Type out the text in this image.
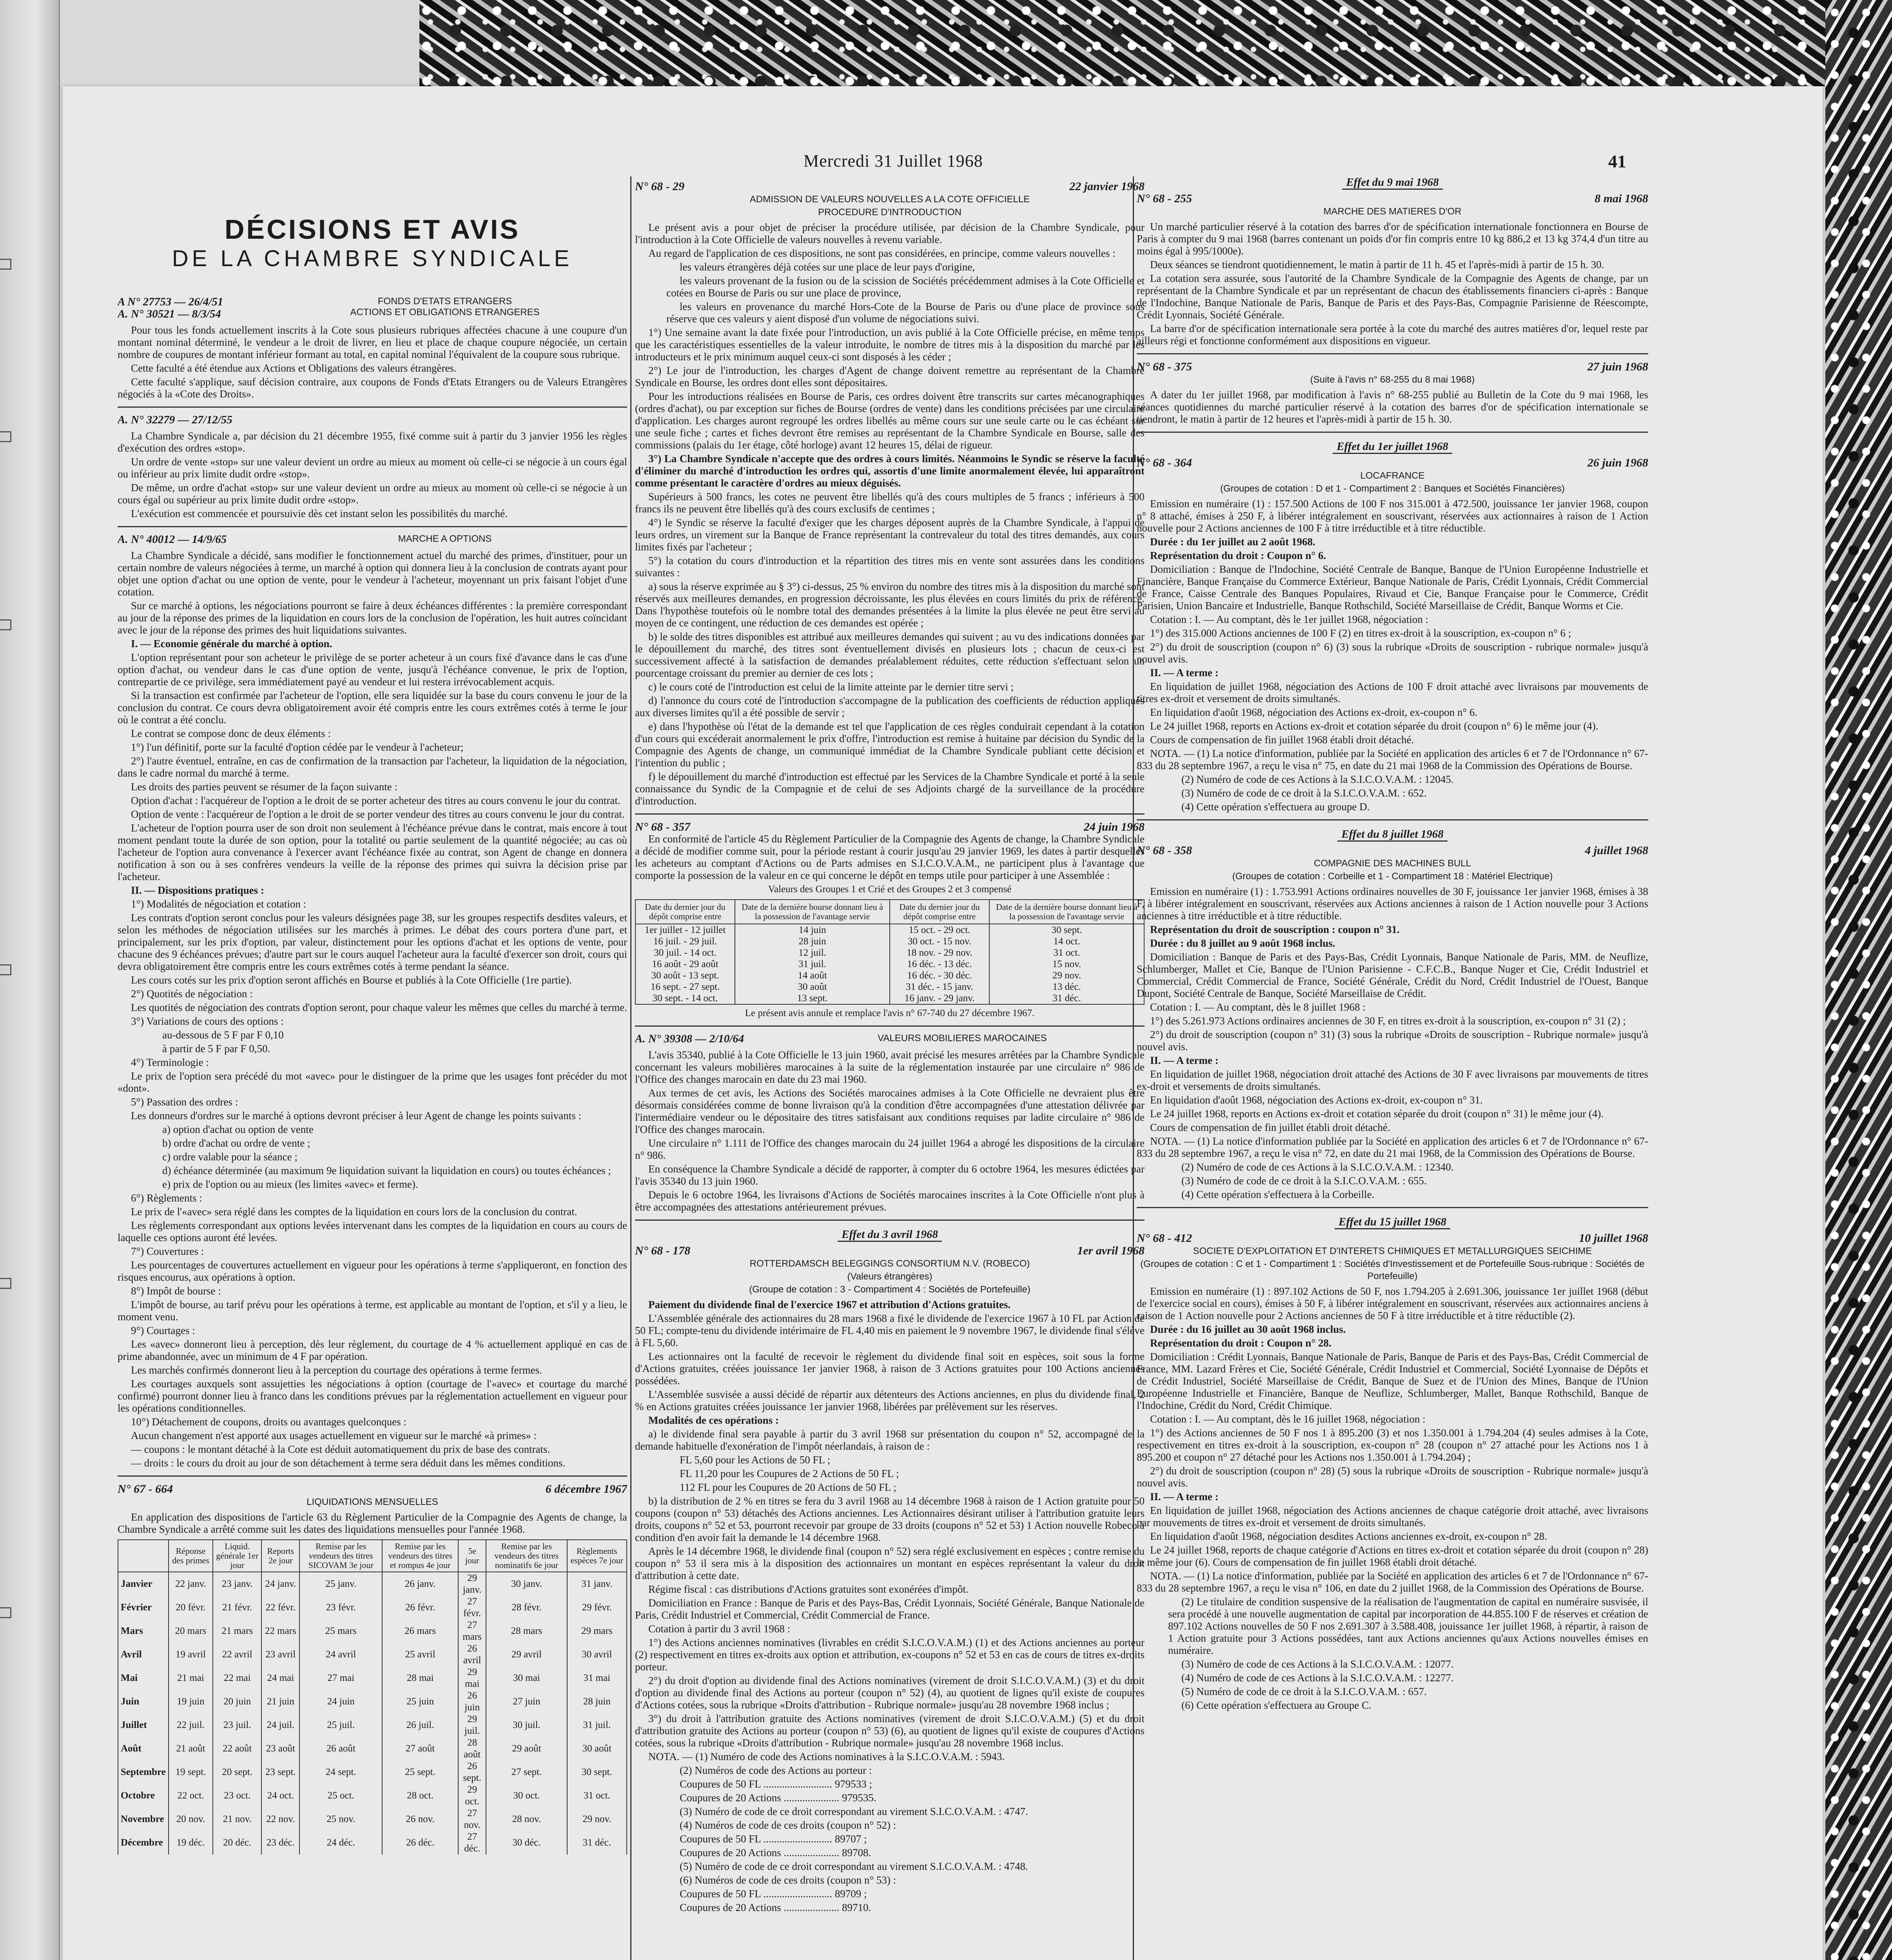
Mercredi 31 Juillet 1968	41
DÉCISIONS ET AVIS
DE LA CHAMBRE SYNDICALE
A N° 27753 — 26/4/51
A. N° 30521 — 8/3/54
FONDS D'ETATS ETRANGERS
ACTIONS ET OBLIGATIONS ETRANGERES

Pour tous les fonds actuellement inscrits à la Cote sous plusieurs rubriques affectées chacune à une coupure d'un montant nominal déterminé, le vendeur a le droit de livrer, en lieu et place de chaque coupure négociée, un certain nombre de coupures de montant inférieur formant au total, en capital nominal l'équivalent de la coupure sous rubrique.

Cette faculté a été étendue aux Actions et Obligations des valeurs étrangères.

Cette faculté s'applique, sauf décision contraire, aux coupons de Fonds d'Etats Etrangers ou de Valeurs Etrangères négociés à la «Cote des Droits».

A. N° 32279 — 27/12/55

La Chambre Syndicale a, par décision du 21 décembre 1955, fixé comme suit à partir du 3 janvier 1956 les règles d'exécution des ordres «stop».

Un ordre de vente «stop» sur une valeur devient un ordre au mieux au moment où celle-ci se négocie à un cours égal ou inférieur au prix limite dudit ordre «stop».

De même, un ordre d'achat «stop» sur une valeur devient un ordre au mieux au moment où celle-ci se négocie à un cours égal ou supérieur au prix limite dudit ordre «stop».

L'exécution est commencée et poursuivie dès cet instant selon les possibilités du marché.

A. N° 40012 — 14/9/65	MARCHE A OPTIONS

La Chambre Syndicale a décidé, sans modifier le fonctionnement actuel du marché des primes, d'instituer, pour un certain nombre de valeurs négociées à terme, un marché à option qui donnera lieu à la conclusion de contrats ayant pour objet une option d'achat ou une option de vente, pour le vendeur à l'acheteur, moyennant un prix faisant l'objet d'une cotation.

Sur ce marché à options, les négociations pourront se faire à deux échéances différentes : la première correspondant au jour de la réponse des primes de la liquidation en cours lors de la conclusion de l'opération, les huit autres coïncidant avec le jour de la réponse des primes des huit liquidations suivantes.

I. — Economie générale du marché à option.

L'option représentant pour son acheteur le privilège de se porter acheteur à un cours fixé d'avance dans le cas d'une option d'achat, ou vendeur dans le cas d'une option de vente, jusqu'à l'échéance convenue, le prix de l'option, contrepartie de ce privilège, sera immédiatement payé au vendeur et lui restera irrévocablement acquis.

Si la transaction est confirmée par l'acheteur de l'option, elle sera liquidée sur la base du cours convenu le jour de la conclusion du contrat. Ce cours devra obligatoirement avoir été compris entre les cours extrêmes cotés à terme le jour où le contrat a été conclu.

Le contrat se compose donc de deux éléments :

1°) l'un définitif, porte sur la faculté d'option cédée par le vendeur à l'acheteur;

2°) l'autre éventuel, entraîne, en cas de confirmation de la transaction par l'acheteur, la liquidation de la négociation, dans le cadre normal du marché à terme.

Les droits des parties peuvent se résumer de la façon suivante :

Option d'achat : l'acquéreur de l'option a le droit de se porter acheteur des titres au cours convenu le jour du contrat.

Option de vente : l'acquéreur de l'option a le droit de se porter vendeur des titres au cours convenu le jour du contrat.

L'acheteur de l'option pourra user de son droit non seulement à l'échéance prévue dans le contrat, mais encore à tout moment pendant toute la durée de son option, pour la totalité ou partie seulement de la quantité négociée; au cas où l'acheteur de l'option aura convenance à l'exercer avant l'échéance fixée au contrat, son Agent de change en donnera notification à son ou à ses confrères vendeurs la veille de la réponse des primes qui suivra la décision prise par l'acheteur.

II. — Dispositions pratiques :

1°) Modalités de négociation et cotation :

Les contrats d'option seront conclus pour les valeurs désignées page 38, sur les groupes respectifs desdites valeurs, et selon les méthodes de négociation utilisées sur les marchés à primes. Le débat des cours portera d'une part, et principalement, sur les prix d'option, par valeur, distinctement pour les options d'achat et les options de vente, pour chacune des 9 échéances prévues; d'autre part sur le cours auquel l'acheteur aura la faculté d'exercer son droit, cours qui devra obligatoirement être compris entre les cours extrêmes cotés à terme pendant la séance.

Les cours cotés sur les prix d'option seront affichés en Bourse et publiés à la Cote Officielle (1re partie).

2°) Quotités de négociation :

Les quotités de négociation des contrats d'option seront, pour chaque valeur les mêmes que celles du marché à terme.

3°) Variations de cours des options :

au-dessous de 5 F par F 0,10

à partir de 5 F par F 0,50.

4°) Terminologie :

Le prix de l'option sera précédé du mot «avec» pour le distinguer de la prime que les usages font précéder du mot «dont».

5°) Passation des ordres :

Les donneurs d'ordres sur le marché à options devront préciser à leur Agent de change les points suivants :

a) option d'achat ou option de vente

b) ordre d'achat ou ordre de vente ;

c) ordre valable pour la séance ;

d) échéance déterminée (au maximum 9e liquidation suivant la liquidation en cours) ou toutes échéances ;

e) prix de l'option ou au mieux (les limites «avec» et ferme).

6°) Règlements :

Le prix de l'«avec» sera réglé dans les comptes de la liquidation en cours lors de la conclusion du contrat.

Les règlements correspondant aux options levées intervenant dans les comptes de la liquidation en cours au cours de laquelle ces options auront été levées.

7°) Couvertures :

Les pourcentages de couvertures actuellement en vigueur pour les opérations à terme s'appliqueront, en fonction des risques encourus, aux opérations à option.

8°) Impôt de bourse :

L'impôt de bourse, au tarif prévu pour les opérations à terme, est applicable au montant de l'option, et s'il y a lieu, le moment venu.

9°) Courtages :

Les «avec» donneront lieu à perception, dès leur règlement, du courtage de 4 % actuellement appliqué en cas de prime abandonnée, avec un minimum de 4 F par opération.

Les marchés confirmés donneront lieu à la perception du courtage des opérations à terme fermes.

Les courtages auxquels sont assujetties les négociations à option (courtage de l'«avec» et courtage du marché confirmé) pourront donner lieu à franco dans les conditions prévues par la réglementation actuellement en vigueur pour les opérations conditionnelles.

10°) Détachement de coupons, droits ou avantages quelconques :

Aucun changement n'est apporté aux usages actuellement en vigueur sur le marché «à primes» :

— coupons : le montant détaché à la Cote est déduit automatiquement du prix de base des contrats.

— droits : le cours du droit au jour de son détachement à terme sera déduit dans les mêmes conditions.

N° 67 - 664	6 décembre 1967
LIQUIDATIONS MENSUELLES

En application des dispositions de l'article 63 du Règlement Particulier de la Compagnie des Agents de change, la Chambre Syndicale a arrêté comme suit les dates des liquidations mensuelles pour l'année 1968.

	Réponse des primes	Liquid. générale 1er jour	Reports 2e jour	Remise par les vendeurs des titres SICOVAM 3e jour	Remise par les vendeurs des titres et rompus 4e jour	5e jour	Remise par les vendeurs des titres nominatifs 6e jour	Règlements espèces 7e jour
Janvier	22 janv.	23 janv.	24 janv.	25 janv.	26 janv.	29 janv.	30 janv.	31 janv.
Février	20 févr.	21 févr.	22 févr.	23 févr.	26 févr.	27 févr.	28 févr.	29 févr.
Mars	20 mars	21 mars	22 mars	25 mars	26 mars	27 mars	28 mars	29 mars
Avril	19 avril	22 avril	23 avril	24 avril	25 avril	26 avril	29 avril	30 avril
Mai	21 mai	22 mai	24 mai	27 mai	28 mai	29 mai	30 mai	31 mai
Juin	19 juin	20 juin	21 juin	24 juin	25 juin	26 juin	27 juin	28 juin
Juillet	22 juil.	23 juil.	24 juil.	25 juil.	26 juil.	29 juil.	30 juil.	31 juil.
Août	21 août	22 août	23 août	26 août	27 août	28 août	29 août	30 août
Septembre	19 sept.	20 sept.	23 sept.	24 sept.	25 sept.	26 sept.	27 sept.	30 sept.
Octobre	22 oct.	23 oct.	24 oct.	25 oct.	28 oct.	29 oct.	30 oct.	31 oct.
Novembre	20 nov.	21 nov.	22 nov.	25 nov.	26 nov.	27 nov.	28 nov.	29 nov.
Décembre	19 déc.	20 déc.	23 déc.	24 déc.	26 déc.	27 déc.	30 déc.	31 déc.
N° 68 - 29	22 janvier 1968
ADMISSION DE VALEURS NOUVELLES A LA COTE OFFICIELLE
PROCEDURE D'INTRODUCTION

Le présent avis a pour objet de préciser la procédure utilisée, par décision de la Chambre Syndicale, pour l'introduction à la Cote Officielle de valeurs nouvelles à revenu variable.

Au regard de l'application de ces dispositions, ne sont pas considérées, en principe, comme valeurs nouvelles :

les valeurs étrangères déjà cotées sur une place de leur pays d'origine,

les valeurs provenant de la fusion ou de la scission de Sociétés précédemment admises à la Cote Officielle et cotées en Bourse de Paris ou sur une place de province,

les valeurs en provenance du marché Hors-Cote de la Bourse de Paris ou d'une place de province sous réserve que ces valeurs y aient disposé d'un volume de négociations suivi.

1°) Une semaine avant la date fixée pour l'introduction, un avis publié à la Cote Officielle précise, en même temps que les caractéristiques essentielles de la valeur introduite, le nombre de titres mis à la disposition du marché par les introducteurs et le prix minimum auquel ceux-ci sont disposés à les céder ;

2°) Le jour de l'introduction, les charges d'Agent de change doivent remettre au représentant de la Chambre Syndicale en Bourse, les ordres dont elles sont dépositaires.

Pour les introductions réalisées en Bourse de Paris, ces ordres doivent être transcrits sur cartes mécanographiques (ordres d'achat), ou par exception sur fiches de Bourse (ordres de vente) dans les conditions précisées par une circulaire d'application. Les charges auront regroupé les ordres libellés au même cours sur une seule carte ou le cas échéant sur une seule fiche ; cartes et fiches devront être remises au représentant de la Chambre Syndicale en Bourse, salle des commissions (palais du 1er étage, côté horloge) avant 12 heures 15, délai de rigueur.

3°) La Chambre Syndicale n'accepte que des ordres à cours limités. Néanmoins le Syndic se réserve la faculté d'éliminer du marché d'introduction les ordres qui, assortis d'une limite anormalement élevée, lui apparaîtront comme présentant le caractère d'ordres au mieux déguisés.

Supérieurs à 500 francs, les cotes ne peuvent être libellés qu'à des cours multiples de 5 francs ; inférieurs à 500 francs ils ne peuvent être libellés qu'à des cours exclusifs de centimes ;

4°) le Syndic se réserve la faculté d'exiger que les charges déposent auprès de la Chambre Syndicale, à l'appui de leurs ordres, un virement sur la Banque de France représentant la contrevaleur du total des titres demandés, aux cours limites fixés par l'acheteur ;

5°) la cotation du cours d'introduction et la répartition des titres mis en vente sont assurées dans les conditions suivantes :

a) sous la réserve exprimée au § 3°) ci-dessus, 25 % environ du nombre des titres mis à la disposition du marché sont réservés aux meilleures demandes, en progression décroissante, les plus élevées en cours limités du prix de référence. Dans l'hypothèse toutefois où le nombre total des demandes présentées à la limite la plus élevée ne peut être servi au moyen de ce contingent, une réduction de ces demandes est opérée ;

b) le solde des titres disponibles est attribué aux meilleures demandes qui suivent ; au vu des indications données par le dépouillement du marché, des titres sont éventuellement divisés en plusieurs lots ; chacun de ceux-ci est successivement affecté à la satisfaction de demandes préalablement réduites, cette réduction s'effectuant selon un pourcentage croissant du premier au dernier de ces lots ;

c) le cours coté de l'introduction est celui de la limite atteinte par le dernier titre servi ;

d) l'annonce du cours coté de l'introduction s'accompagne de la publication des coefficients de réduction appliqués aux diverses limites qu'il a été possible de servir ;

e) dans l'hypothèse où l'état de la demande est tel que l'application de ces règles conduirait cependant à la cotation d'un cours qui excéderait anormalement le prix d'offre, l'introduction est remise à huitaine par décision du Syndic de la Compagnie des Agents de change, un communiqué immédiat de la Chambre Syndicale publiant cette décision et l'intention du public ;

f) le dépouillement du marché d'introduction est effectué par les Services de la Chambre Syndicale et porté à la seule connaissance du Syndic de la Compagnie et de celui de ses Adjoints chargé de la surveillance de la procédure d'introduction.

N° 68 - 357	24 juin 1968

En conformité de l'article 45 du Règlement Particulier de la Compagnie des Agents de change, la Chambre Syndicale a décidé de modifier comme suit, pour la période restant à courir jusqu'au 29 janvier 1969, les dates à partir desquelles les acheteurs au comptant d'Actions ou de Parts admises en S.I.C.O.V.A.M., ne participent plus à l'avantage que comporte la possession de la valeur en ce qui concerne le dépôt en temps utile pour participer à une Assemblée :

Valeurs des Groupes 1 et Crié et des Groupes 2 et 3 compensé
Date du dernier jour du dépôt comprise entre	Date de la dernière bourse donnant lieu à la possession de l'avantage servie	Date du dernier jour du dépôt comprise entre	Date de la dernière bourse donnant lieu à la possession de l'avantage servie
1er juillet - 12 juillet	14 juin	15 oct. - 29 oct.	30 sept.
16 juil. - 29 juil.	28 juin	30 oct. - 15 nov.	14 oct.
30 juil. - 14 oct.	12 juil.	18 nov. - 29 nov.	31 oct.
16 août - 29 août	31 juil.	16 déc. - 13 déc.	15 nov.
30 août - 13 sept.	14 août	16 déc. - 30 déc.	29 nov.
16 sept. - 27 sept.	30 août	31 déc. - 15 janv.	13 déc.
30 sept. - 14 oct.	13 sept.	16 janv. - 29 janv.	31 déc.
Le présent avis annule et remplace l'avis n° 67-740 du 27 décembre 1967.
A. N° 39308 — 2/10/64	VALEURS MOBILIERES MAROCAINES

L'avis 35340, publié à la Cote Officielle le 13 juin 1960, avait précisé les mesures arrêtées par la Chambre Syndicale concernant les valeurs mobilières marocaines à la suite de la réglementation instaurée par une circulaire n° 986 de l'Office des changes marocain en date du 23 mai 1960.

Aux termes de cet avis, les Actions des Sociétés marocaines admises à la Cote Officielle ne devraient plus être désormais considérées comme de bonne livraison qu'à la condition d'être accompagnées d'une attestation délivrée par l'intermédiaire vendeur ou le dépositaire des titres satisfaisant aux conditions requises par ladite circulaire n° 986 de l'Office des changes marocain.

Une circulaire n° 1.111 de l'Office des changes marocain du 24 juillet 1964 a abrogé les dispositions de la circulaire n° 986.

En conséquence la Chambre Syndicale a décidé de rapporter, à compter du 6 octobre 1964, les mesures édictées par l'avis 35340 du 13 juin 1960.

Depuis le 6 octobre 1964, les livraisons d'Actions de Sociétés marocaines inscrites à la Cote Officielle n'ont plus à être accompagnées des attestations antérieurement prévues.

Effet du 3 avril 1968
N° 68 - 178	1er avril 1968
ROTTERDAMSCH BELEGGINGS CONSORTIUM N.V. (ROBECO)
(Valeurs étrangères)
(Groupe de cotation : 3 - Compartiment 4 : Sociétés de Portefeuille)

Paiement du dividende final de l'exercice 1967 et attribution d'Actions gratuites.

L'Assemblée générale des actionnaires du 28 mars 1968 a fixé le dividende de l'exercice 1967 à 10 FL par Action de 50 FL; compte-tenu du dividende intérimaire de FL 4,40 mis en paiement le 9 novembre 1967, le dividende final s'élève à FL 5,60.

Les actionnaires ont la faculté de recevoir le règlement du dividende final soit en espèces, soit sous la forme d'Actions gratuites, créées jouissance 1er janvier 1968, à raison de 3 Actions gratuites pour 100 Actions anciennes possédées.

L'Assemblée susvisée a aussi décidé de répartir aux détenteurs des Actions anciennes, en plus du dividende final, 2 % en Actions gratuites créées jouissance 1er janvier 1968, libérées par prélèvement sur les réserves.

Modalités de ces opérations :

a) le dividende final sera payable à partir du 3 avril 1968 sur présentation du coupon n° 52, accompagné de la demande habituelle d'exonération de l'impôt néerlandais, à raison de :

FL 5,60 pour les Actions de 50 FL ;

FL 11,20 pour les Coupures de 2 Actions de 50 FL ;

112 FL pour les Coupures de 20 Actions de 50 FL ;

b) la distribution de 2 % en titres se fera du 3 avril 1968 au 14 décembre 1968 à raison de 1 Action gratuite pour 50 coupons (coupon n° 53) détachés des Actions anciennes. Les Actionnaires désirant utiliser à l'attribution gratuite leurs droits, coupons n° 52 et 53, pourront recevoir par groupe de 33 droits (coupons n° 52 et 53) 1 Action nouvelle Robeco à condition d'en avoir fait la demande le 14 décembre 1968.

Après le 14 décembre 1968, le dividende final (coupon n° 52) sera réglé exclusivement en espèces ; contre remise du coupon n° 53 il sera mis à la disposition des actionnaires un montant en espèces représentant la valeur du droit d'attribution à cette date.

Régime fiscal : cas distributions d'Actions gratuites sont exonérées d'impôt.

Domiciliation en France : Banque de Paris et des Pays-Bas, Crédit Lyonnais, Société Générale, Banque Nationale de Paris, Crédit Industriel et Commercial, Crédit Commercial de France.

Cotation à partir du 3 avril 1968 :

1°) des Actions anciennes nominatives (livrables en crédit S.I.C.O.V.A.M.) (1) et des Actions anciennes au porteur (2) respectivement en titres ex-droits aux option et attribution, ex-coupons n° 52 et 53 en cas de cours de titres ex-droits porteur.

2°) du droit d'option au dividende final des Actions nominatives (virement de droit S.I.C.O.V.A.M.) (3) et du droit d'option au dividende final des Actions au porteur (coupon n° 52) (4), au quotient de lignes qu'il existe de coupures d'Actions cotées, sous la rubrique «Droits d'attribution - Rubrique normale» jusqu'au 28 novembre 1968 inclus ;

3°) du droit à l'attribution gratuite des Actions nominatives (virement de droit S.I.C.O.V.A.M.) (5) et du droit d'attribution gratuite des Actions au porteur (coupon n° 53) (6), au quotient de lignes qu'il existe de coupures d'Actions cotées, sous la rubrique «Droits d'attribution - Rubrique normale» jusqu'au 28 novembre 1968 inclus.

NOTA. — (1) Numéro de code des Actions nominatives à la S.I.C.O.V.A.M. : 5943.

(2) Numéros de code des Actions au porteur :

Coupures de 50 FL .......................... 979533 ;

Coupures de 20 Actions ..................... 979535.

(3) Numéro de code de ce droit correspondant au virement S.I.C.O.V.A.M. : 4747.

(4) Numéros de code de ces droits (coupon n° 52) :

Coupures de 50 FL .......................... 89707 ;

Coupures de 20 Actions ..................... 89708.

(5) Numéro de code de ce droit correspondant au virement S.I.C.O.V.A.M. : 4748.

(6) Numéros de code de ces droits (coupon n° 53) :

Coupures de 50 FL .......................... 89709 ;

Coupures de 20 Actions ..................... 89710.

Effet du 9 mai 1968
N° 68 - 255	8 mai 1968
MARCHE DES MATIERES D'OR

Un marché particulier réservé à la cotation des barres d'or de spécification internationale fonctionnera en Bourse de Paris à compter du 9 mai 1968 (barres contenant un poids d'or fin compris entre 10 kg 886,2 et 13 kg 374,4 d'un titre au moins égal à 995/1000e).

Deux séances se tiendront quotidiennement, le matin à partir de 11 h. 45 et l'après-midi à partir de 15 h. 30.

La cotation sera assurée, sous l'autorité de la Chambre Syndicale de la Compagnie des Agents de change, par un représentant de la Chambre Syndicale et par un représentant de chacun des établissements financiers ci-après : Banque de l'Indochine, Banque Nationale de Paris, Banque de Paris et des Pays-Bas, Compagnie Parisienne de Réescompte, Crédit Lyonnais, Société Générale.

La barre d'or de spécification internationale sera portée à la cote du marché des autres matières d'or, lequel reste par ailleurs régi et fonctionne conformément aux dispositions en vigueur.

N° 68 - 375	27 juin 1968
(Suite à l'avis n° 68-255 du 8 mai 1968)

A dater du 1er juillet 1968, par modification à l'avis n° 68-255 publié au Bulletin de la Cote du 9 mai 1968, les séances quotidiennes du marché particulier réservé à la cotation des barres d'or de spécification internationale se tiendront, le matin à partir de 12 heures et l'après-midi à partir de 15 h. 30.

Effet du 1er juillet 1968
N° 68 - 364	26 juin 1968
LOCAFRANCE
(Groupes de cotation : D et 1 - Compartiment 2 : Banques et Sociétés Financières)

Emission en numéraire (1) : 157.500 Actions de 100 F nos 315.001 à 472.500, jouissance 1er janvier 1968, coupon n° 8 attaché, émises à 250 F, à libérer intégralement en souscrivant, réservées aux actionnaires à raison de 1 Action nouvelle pour 2 Actions anciennes de 100 F à titre irréductible et à titre réductible.

Durée : du 1er juillet au 2 août 1968.

Représentation du droit : Coupon n° 6.

Domiciliation : Banque de l'Indochine, Société Centrale de Banque, Banque de l'Union Européenne Industrielle et Financière, Banque Française du Commerce Extérieur, Banque Nationale de Paris, Crédit Lyonnais, Crédit Commercial de France, Caisse Centrale des Banques Populaires, Rivaud et Cie, Banque Française pour le Commerce, Crédit Parisien, Union Bancaire et Industrielle, Banque Rothschild, Société Marseillaise de Crédit, Banque Worms et Cie.

Cotation : I. — Au comptant, dès le 1er juillet 1968, négociation :

1°) des 315.000 Actions anciennes de 100 F (2) en titres ex-droit à la souscription, ex-coupon n° 6 ;

2°) du droit de souscription (coupon n° 6) (3) sous la rubrique «Droits de souscription - rubrique normale» jusqu'à nouvel avis.

II. — A terme :

En liquidation de juillet 1968, négociation des Actions de 100 F droit attaché avec livraisons par mouvements de titres ex-droit et versement de droits simultanés.

En liquidation d'août 1968, négociation des Actions ex-droit, ex-coupon n° 6.

Le 24 juillet 1968, reports en Actions ex-droit et cotation séparée du droit (coupon n° 6) le même jour (4).

Cours de compensation de fin juillet 1968 établi droit détaché.

NOTA. — (1) La notice d'information, publiée par la Société en application des articles 6 et 7 de l'Ordonnance n° 67-833 du 28 septembre 1967, a reçu le visa n° 75, en date du 21 mai 1968 de la Commission des Opérations de Bourse.

(2) Numéro de code de ces Actions à la S.I.C.O.V.A.M. : 12045.

(3) Numéro de code de ce droit à la S.I.C.O.V.A.M. : 652.

(4) Cette opération s'effectuera au groupe D.

Effet du 8 juillet 1968
N° 68 - 358	4 juillet 1968
COMPAGNIE DES MACHINES BULL
(Groupes de cotation : Corbeille et 1 - Compartiment 18 : Matériel Electrique)

Emission en numéraire (1) : 1.753.991 Actions ordinaires nouvelles de 30 F, jouissance 1er janvier 1968, émises à 38 F, à libérer intégralement en souscrivant, réservées aux Actions anciennes à raison de 1 Action nouvelle pour 3 Actions anciennes à titre irréductible et à titre réductible.

Représentation du droit de souscription : coupon n° 31.

Durée : du 8 juillet au 9 août 1968 inclus.

Domiciliation : Banque de Paris et des Pays-Bas, Crédit Lyonnais, Banque Nationale de Paris, MM. de Neuflize, Schlumberger, Mallet et Cie, Banque de l'Union Parisienne - C.F.C.B., Banque Nuger et Cie, Crédit Industriel et Commercial, Crédit Commercial de France, Société Générale, Crédit du Nord, Crédit Industriel de l'Ouest, Banque Dupont, Société Centrale de Banque, Société Marseillaise de Crédit.

Cotation : I. — Au comptant, dès le 8 juillet 1968 :

1°) des 5.261.973 Actions ordinaires anciennes de 30 F, en titres ex-droit à la souscription, ex-coupon n° 31 (2) ;

2°) du droit de souscription (coupon n° 31) (3) sous la rubrique «Droits de souscription - Rubrique normale» jusqu'à nouvel avis.

II. — A terme :

En liquidation de juillet 1968, négociation droit attaché des Actions de 30 F avec livraisons par mouvements de titres ex-droit et versements de droits simultanés.

En liquidation d'août 1968, négociation des Actions ex-droit, ex-coupon n° 31.

Le 24 juillet 1968, reports en Actions ex-droit et cotation séparée du droit (coupon n° 31) le même jour (4).

Cours de compensation de fin juillet établi droit détaché.

NOTA. — (1) La notice d'information publiée par la Société en application des articles 6 et 7 de l'Ordonnance n° 67-833 du 28 septembre 1967, a reçu le visa n° 72, en date du 21 mai 1968, de la Commission des Opérations de Bourse.

(2) Numéro de code de ces Actions à la S.I.C.O.V.A.M. : 12340.

(3) Numéro de code de ce droit à la S.I.C.O.V.A.M. : 655.

(4) Cette opération s'effectuera à la Corbeille.

Effet du 15 juillet 1968
N° 68 - 412	10 juillet 1968
SOCIETE D'EXPLOITATION ET D'INTERETS CHIMIQUES ET METALLURGIQUES SEICHIME
(Groupes de cotation : C et 1 - Compartiment 1 : Sociétés d'Investissement et de Portefeuille Sous-rubrique : Sociétés de Portefeuille)

Emission en numéraire (1) : 897.102 Actions de 50 F, nos 1.794.205 à 2.691.306, jouissance 1er juillet 1968 (début de l'exercice social en cours), émises à 50 F, à libérer intégralement en souscrivant, réservées aux actionnaires anciens à raison de 1 Action nouvelle pour 2 Actions anciennes de 50 F à titre irréductible et à titre réductible (2).

Durée : du 16 juillet au 30 août 1968 inclus.

Représentation du droit : Coupon n° 28.

Domiciliation : Crédit Lyonnais, Banque Nationale de Paris, Banque de Paris et des Pays-Bas, Crédit Commercial de France, MM. Lazard Frères et Cie, Société Générale, Crédit Industriel et Commercial, Société Lyonnaise de Dépôts et de Crédit Industriel, Société Marseillaise de Crédit, Banque de Suez et de l'Union des Mines, Banque de l'Union Européenne Industrielle et Financière, Banque de Neuflize, Schlumberger, Mallet, Banque Rothschild, Banque de l'Indochine, Crédit du Nord, Crédit Chimique.

Cotation : I. — Au comptant, dès le 16 juillet 1968, négociation :

1°) des Actions anciennes de 50 F nos 1 à 895.200 (3) et nos 1.350.001 à 1.794.204 (4) seules admises à la Cote, respectivement en titres ex-droit à la souscription, ex-coupon n° 28 (coupon n° 27 attaché pour les Actions nos 1 à 895.200 et coupon n° 27 détaché pour les Actions nos 1.350.001 à 1.794.204) ;

2°) du droit de souscription (coupon n° 28) (5) sous la rubrique «Droits de souscription - Rubrique normale» jusqu'à nouvel avis.

II. — A terme :

En liquidation de juillet 1968, négociation des Actions anciennes de chaque catégorie droit attaché, avec livraisons par mouvements de titres ex-droit et versement de droits simultanés.

En liquidation d'août 1968, négociation desdites Actions anciennes ex-droit, ex-coupon n° 28.

Le 24 juillet 1968, reports de chaque catégorie d'Actions en titres ex-droit et cotation séparée du droit (coupon n° 28) le même jour (6). Cours de compensation de fin juillet 1968 établi droit détaché.

NOTA. — (1) La notice d'information, publiée par la Société en application des articles 6 et 7 de l'Ordonnance n° 67-833 du 28 septembre 1967, a reçu le visa n° 106, en date du 2 juillet 1968, de la Commission des Opérations de Bourse.

(2) Le titulaire de condition suspensive de la réalisation de l'augmentation de capital en numéraire susvisée, il sera procédé à une nouvelle augmentation de capital par incorporation de 44.855.100 F de réserves et création de 897.102 Actions nouvelles de 50 F nos 2.691.307 à 3.588.408, jouissance 1er juillet 1968, à répartir, à raison de 1 Action gratuite pour 3 Actions possédées, tant aux Actions anciennes qu'aux Actions nouvelles émises en numéraire.

(3) Numéro de code de ces Actions à la S.I.C.O.V.A.M. : 12077.

(4) Numéro de code de ces Actions à la S.I.C.O.V.A.M. : 12277.

(5) Numéro de code de ce droit à la S.I.C.O.V.A.M. : 657.

(6) Cette opération s'effectuera au Groupe C.
